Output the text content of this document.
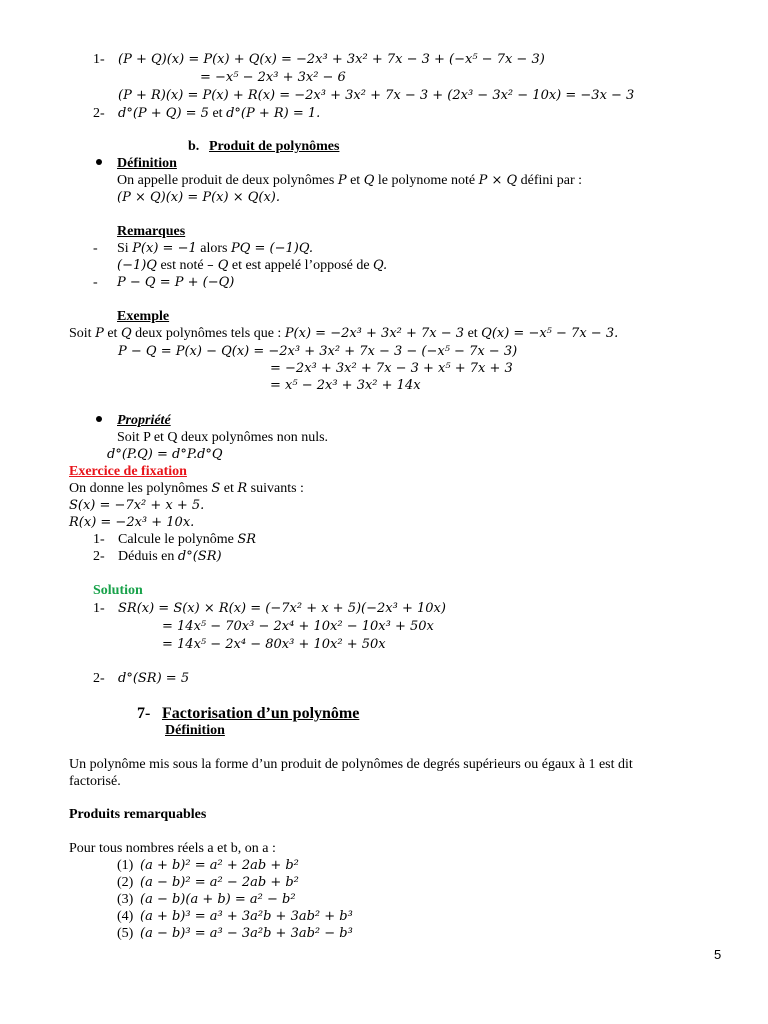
1- (P + Q)(x) = P(x) + Q(x) = −2x³ + 3x² + 7x − 3 + (−x⁵ − 7x − 3)
= −x⁵ − 2x³ + 3x² − 6
(P + R)(x) = P(x) + R(x) = −2x³ + 3x² + 7x − 3 + (2x³ − 3x² − 10x) = −3x − 3
2- d°(P + Q) = 5 et d°(P + R) = 1.
b. Produit de polynômes
Définition
On appelle produit de deux polynômes P et Q le polynome noté P × Q défini par :
(P × Q)(x) = P(x) × Q(x).
Remarques
- Si P(x) = −1 alors PQ = (−1)Q.
(−1)Q est noté – Q et est appelé l’opposé de Q.
- P − Q = P + (−Q)
Exemple
Soit P et Q deux polynômes tels que : P(x) = −2x³ + 3x² + 7x − 3 et Q(x) = −x⁵ − 7x − 3.
P − Q = P(x) − Q(x) = −2x³ + 3x² + 7x − 3 − (−x⁵ − 7x − 3)
= −2x³ + 3x² + 7x − 3 + x⁵ + 7x + 3
= x⁵ − 2x³ + 3x² + 14x
Propriété
Soit P et Q deux polynômes non nuls.
d°(P.Q) = d°P.d°Q
Exercice de fixation
On donne les polynômes S et R suivants :
S(x) = −7x² + x + 5.
R(x) = −2x³ + 10x.
1- Calcule le polynôme SR
2- Déduis en d°(SR)
Solution
1- SR(x) = S(x) × R(x) = (−7x² + x + 5)(−2x³ + 10x)
= 14x⁵ − 70x³ − 2x⁴ + 10x² − 10x³ + 50x
= 14x⁵ − 2x⁴ − 80x³ + 10x² + 50x
2- d°(SR) = 5
7- Factorisation d’un polynôme
Définition
Un polynôme mis sous la forme d’un produit de polynômes de degrés supérieurs ou égaux à 1 est dit
factorisé.
Produits remarquables
Pour tous nombres réels a et b, on a :
(1) (a + b)² = a² + 2ab + b²
(2) (a − b)² = a² − 2ab + b²
(3) (a − b)(a + b) = a² − b²
(4) (a + b)³ = a³ + 3a²b + 3ab² + b³
(5) (a − b)³ = a³ − 3a²b + 3ab² − b³
5
